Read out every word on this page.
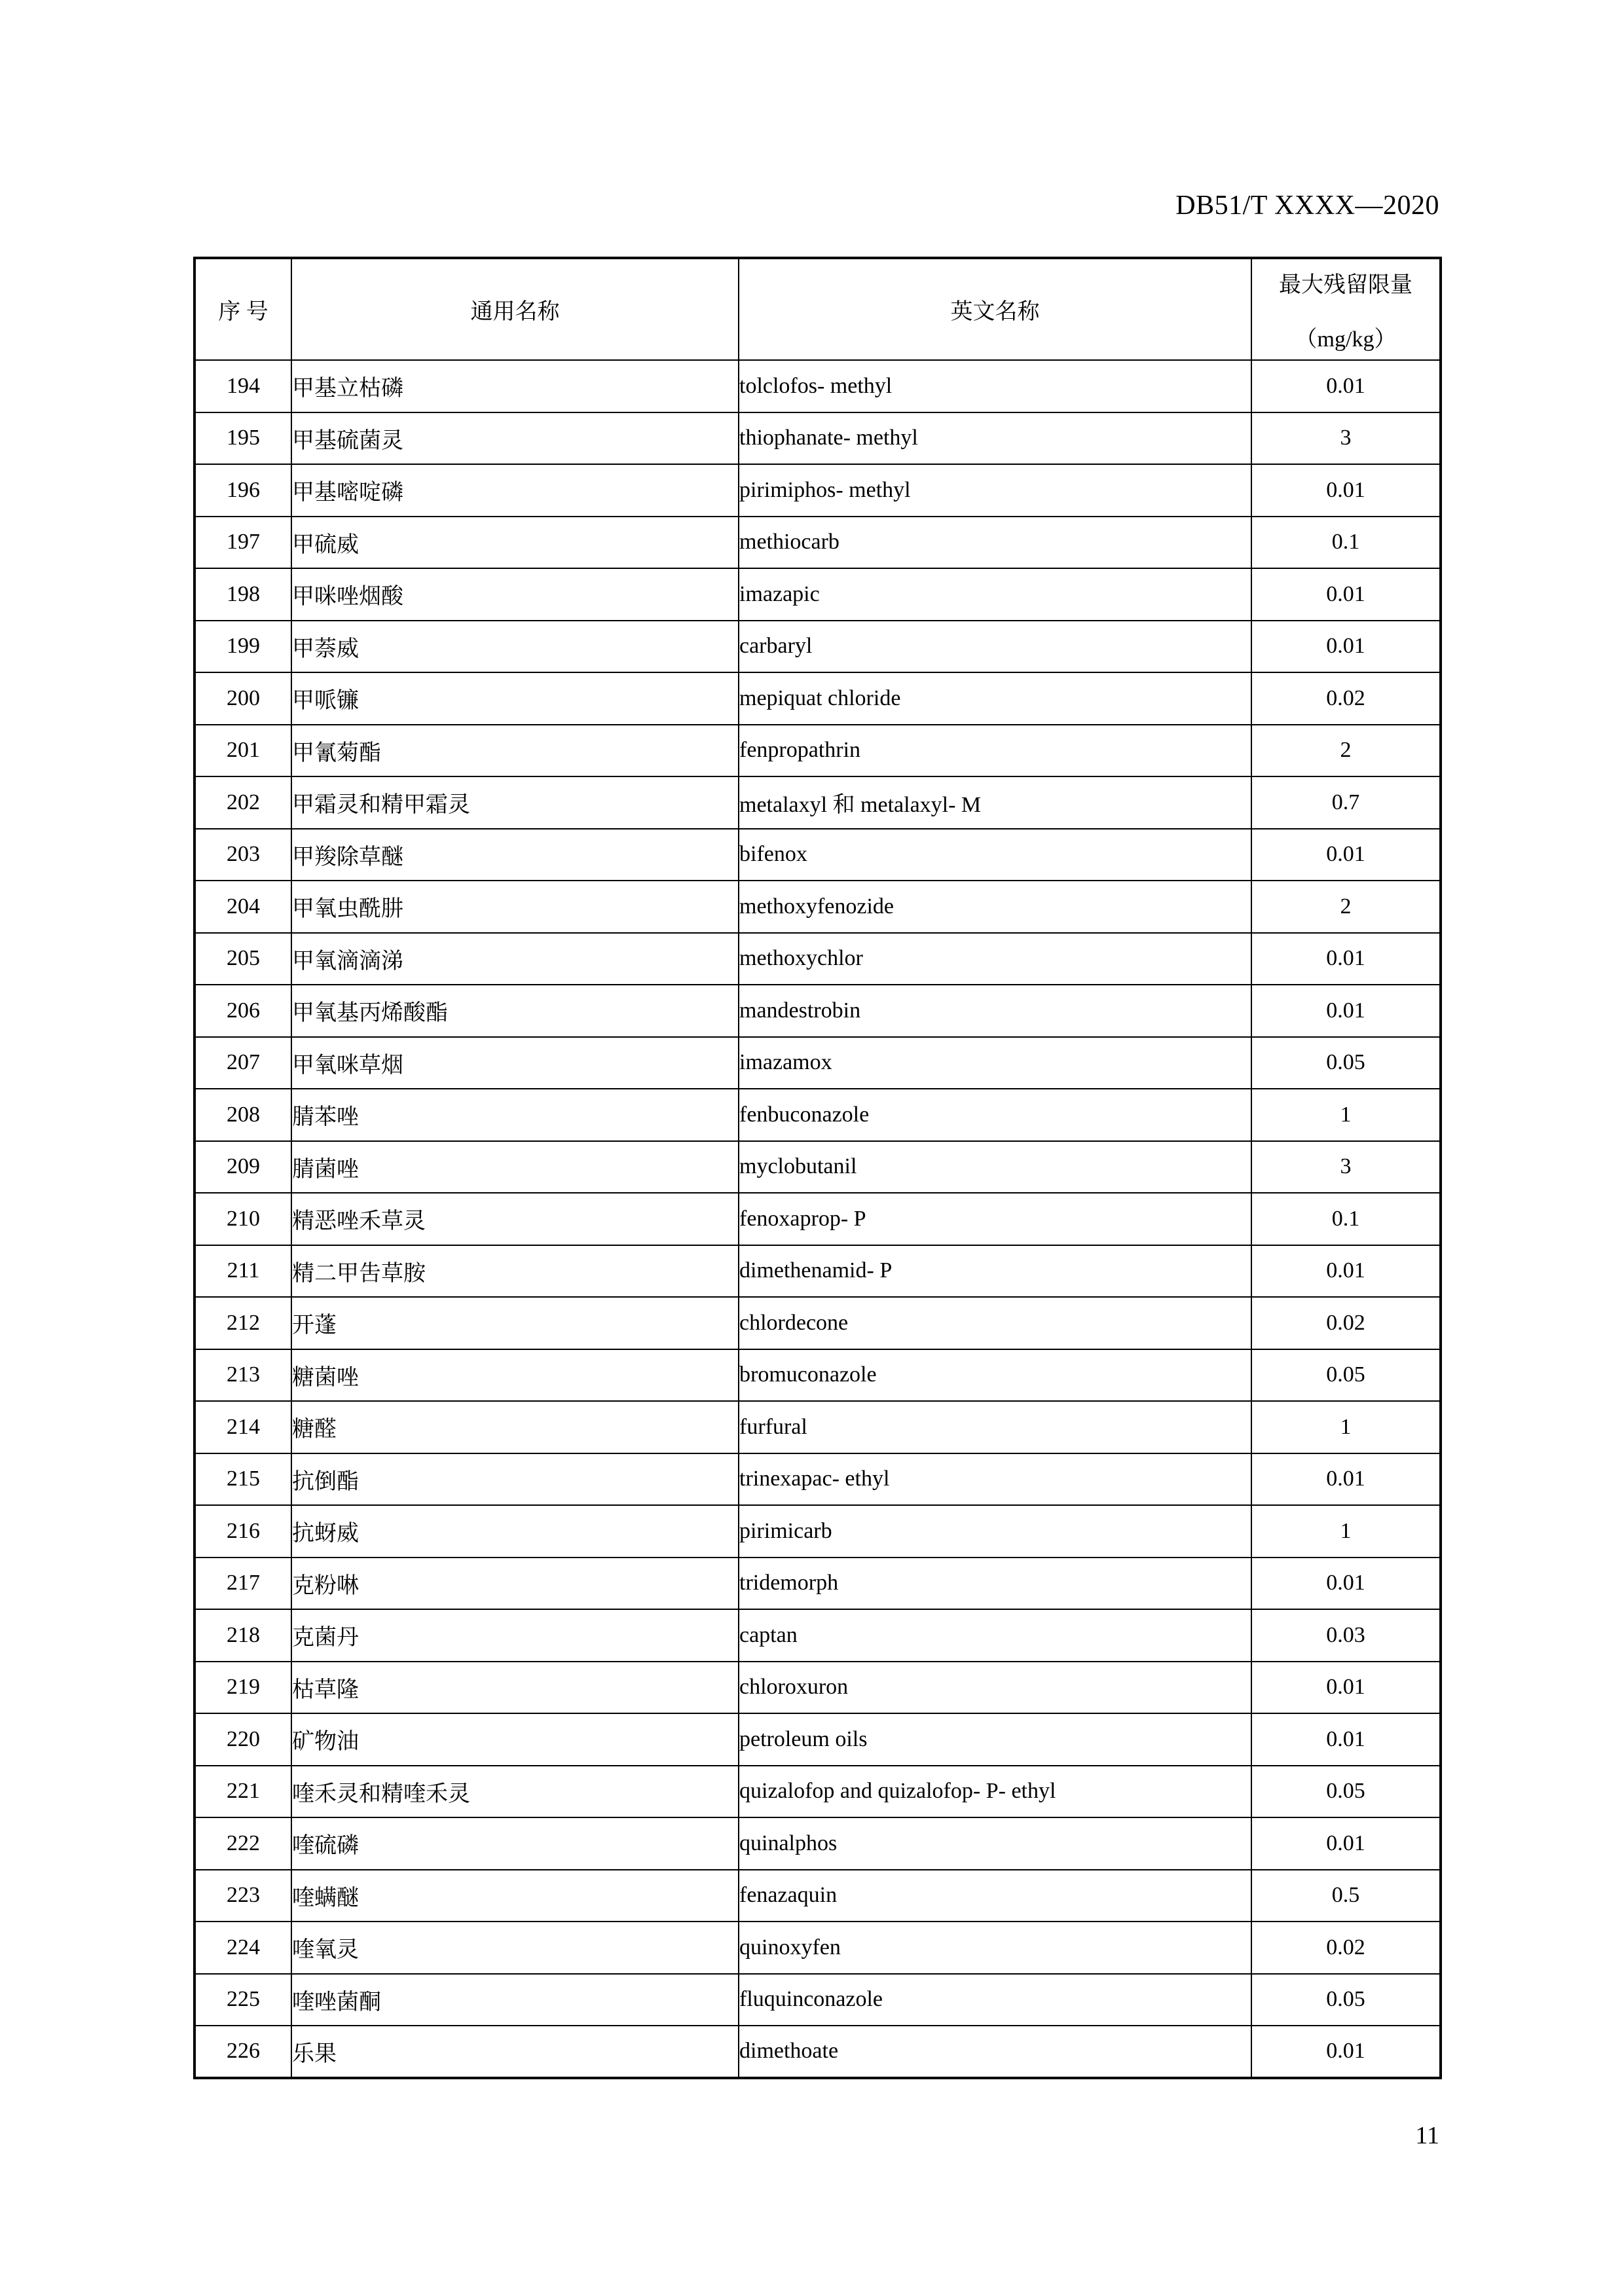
DB51/T XXXX—2020
序 号	通用名称	英文名称	最大残留限量
（mg/kg）

194	甲基立枯磷	tolclofos- methyl	0.01
195	甲基硫菌灵	thiophanate- methyl	3
196	甲基嘧啶磷	pirimiphos- methyl	0.01
197	甲硫威	methiocarb	0.1
198	甲咪唑烟酸	imazapic	0.01
199	甲萘威	carbaryl	0.01
200	甲哌镰	mepiquat chloride	0.02
201	甲氰菊酯	fenpropathrin	2
202	甲霜灵和精甲霜灵	metalaxyl 和 metalaxyl- M	0.7
203	甲羧除草醚	bifenox	0.01
204	甲氧虫酰肼	methoxyfenozide	2
205	甲氧滴滴涕	methoxychlor	0.01
206	甲氧基丙烯酸酯	mandestrobin	0.01
207	甲氧咪草烟	imazamox	0.05
208	腈苯唑	fenbuconazole	1
209	腈菌唑	myclobutanil	3
210	精恶唑禾草灵	fenoxaprop- P	0.1
211	精二甲吿草胺	dimethenamid- P	0.01
212	开蓬	chlordecone	0.02
213	糖菌唑	bromuconazole	0.05
214	糖醛	furfural	1
215	抗倒酯	trinexapac- ethyl	0.01
216	抗蚜威	pirimicarb	1
217	克粉啉	tridemorph	0.01
218	克菌丹	captan	0.03
219	枯草隆	chloroxuron	0.01
220	矿物油	petroleum oils	0.01
221	喹禾灵和精喹禾灵	quizalofop and quizalofop- P- ethyl	0.05
222	喹硫磷	quinalphos	0.01
223	喹螨醚	fenazaquin	0.5
224	喹氧灵	quinoxyfen	0.02
225	喹唑菌酮	fluquinconazole	0.05
226	乐果	dimethoate	0.01
11
